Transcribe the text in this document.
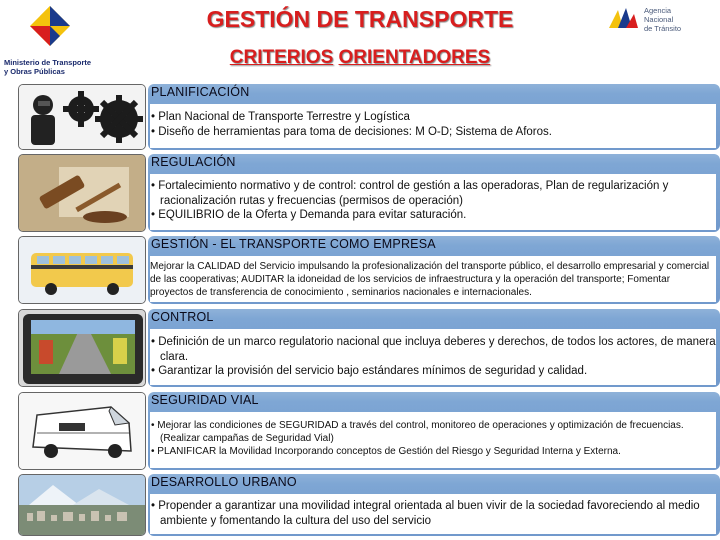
Ministerio de Transporte
y Obras Públicas
GESTIÓN DE TRANSPORTE
CRITERIOS ORIENTADORES
Agencia
Nacional
de Tránsito
PLANIFICACIÓN
• Plan Nacional de Transporte Terrestre y Logística
• Diseño de herramientas para toma de decisiones: M O-D; Sistema de Aforos.
REGULACIÓN
• Fortalecimiento normativo y de control: control de gestión a las operadoras, Plan de regularización y racionalización rutas y frecuencias (permisos de operación)
• EQUILIBRIO de la Oferta y Demanda para evitar saturación.
GESTIÓN - EL TRANSPORTE COMO EMPRESA
Mejorar la CALIDAD del Servicio impulsando la profesionalización del transporte público, el desarrollo empresarial y comercial de las cooperativas; AUDITAR la idoneidad de los servicios de infraestructura y la operación del transporte; Fomentar proyectos de transferencia de conocimiento , seminarios nacionales e internacionales.
CONTROL
• Definición de un marco regulatorio nacional que incluya deberes y derechos, de todos los actores, de manera clara.
• Garantizar la provisión del servicio bajo estándares mínimos de seguridad y calidad.
SEGURIDAD VIAL
• Mejorar las condiciones de SEGURIDAD a través del control, monitoreo de operaciones y optimización de frecuencias. (Realizar campañas de Seguridad Vial)
• PLANIFICAR la Movilidad Incorporando conceptos de Gestión del Riesgo y Seguridad Interna y Externa.
DESARROLLO URBANO
• Propender a garantizar una movilidad integral orientada al buen vivir de la sociedad favoreciendo al medio ambiente y fomentando la cultura del uso del servicio
